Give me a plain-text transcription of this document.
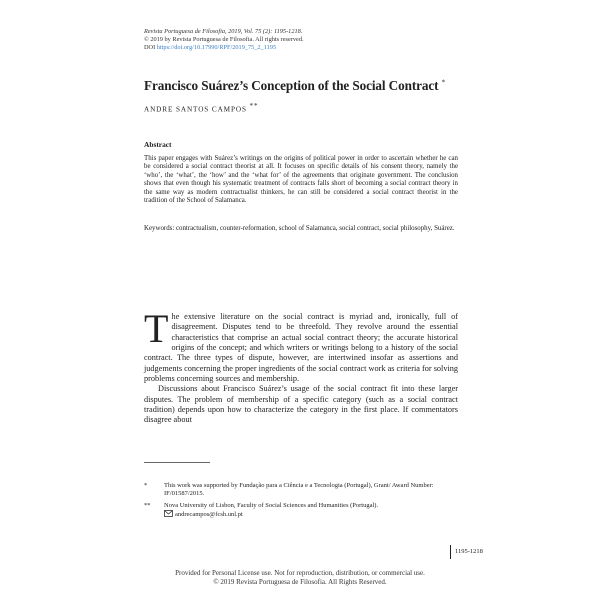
Revista Portuguesa de Filosofia, 2019, Vol. 75 (2): 1195-1218.
© 2019 by Revista Portuguesa de Filosofia. All rights reserved.
DOI https://doi.org/10.17990/RPF/2019_75_2_1195
Francisco Suárez’s Conception of the Social Contract *
ANDRE SANTOS CAMPOS **
Abstract
This paper engages with Suárez’s writings on the origins of political power in order to ascertain whether he can be considered a social contract theorist at all. It focuses on specific details of his consent theory, namely the ‘who’, the ‘what’, the ‘how’ and the ‘what for’ of the agreements that originate government. The conclusion shows that even though his systematic treatment of contracts falls short of becoming a social contract theory in the same way as modern contractualist thinkers, he can still be considered a social contract theorist in the tradition of the School of Salamanca.
Keywords: contractualism, counter-reformation, school of Salamanca, social contract, social philosophy, Suárez.

The extensive literature on the social contract is myriad and, ironically, full of disagreement. Disputes tend to be threefold. They revolve around the essential characteristics that comprise an actual social contract theory; the accurate historical origins of the concept; and which writers or writings belong to a history of the social contract. The three types of dispute, however, are intertwined insofar as assertions and judgements concerning the proper ingredients of the social contract work as criteria for solving problems concerning sources and membership.

Discussions about Francisco Suárez’s usage of the social contract fit into these larger disputes. The problem of membership of a specific category (such as a social contract tradition) depends upon how to characterize the category in the first place. If commentators disagree about

*	This work was supported by Fundação para a Ciência e a Tecnologia (Portugal), Grant/ Award Number: IF/01587/2015.
**	Nova University of Lisbon, Faculty of Social Sciences and Humanities (Portugal).
andrecampos@fcsh.unl.pt
1195-1218
Provided for Personal License use. Not for reproduction, distribution, or commercial use.
© 2019 Revista Portuguesa de Filosofia. All Rights Reserved.
